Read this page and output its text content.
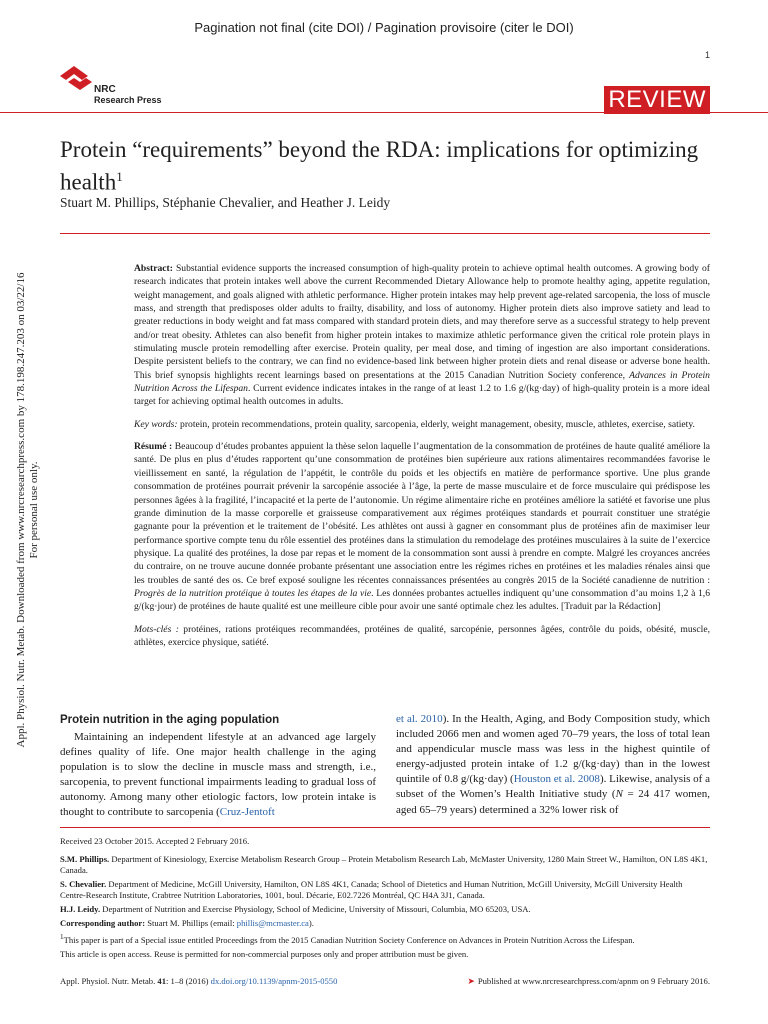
Pagination not final (cite DOI) / Pagination provisoire (citer le DOI)
1
NRC
Research Press	REVIEW
Protein “requirements” beyond the RDA: implications for optimizing health$^1$
Stuart M. Phillips, Stéphanie Chevalier, and Heather J. Leidy
Appl. Physiol. Nutr. Metab. Downloaded from www.nrcresearchpress.com by 178.198.247.203 on 03/22/16
For personal use only.

Abstract: Substantial evidence supports the increased consumption of high-quality protein to achieve optimal health outcomes. A growing body of research indicates that protein intakes well above the current Recommended Dietary Allowance help to promote healthy aging, appetite regulation, weight management, and goals aligned with athletic performance. Higher protein intakes may help prevent age-related sarcopenia, the loss of muscle mass, and strength that predisposes older adults to frailty, disability, and loss of autonomy. Higher protein diets also improve satiety and lead to greater reductions in body weight and fat mass compared with standard protein diets, and may therefore serve as a successful strategy to help prevent and/or treat obesity. Athletes can also benefit from higher protein intakes to maximize athletic performance given the critical role protein plays in stimulating muscle protein remodelling after exercise. Protein quality, per meal dose, and timing of ingestion are also important considerations. Despite persistent beliefs to the contrary, we can find no evidence-based link between higher protein diets and renal disease or adverse bone health. This brief synopsis highlights recent learnings based on presentations at the 2015 Canadian Nutrition Society conference, Advances in Protein Nutrition Across the Lifespan. Current evidence indicates intakes in the range of at least 1.2 to 1.6 g/(kg·day) of high-quality protein is a more ideal target for achieving optimal health outcomes in adults.

Key words: protein, protein recommendations, protein quality, sarcopenia, elderly, weight management, obesity, muscle, athletes, exercise, satiety.

Résumé : Beaucoup d’études probantes appuient la thèse selon laquelle l’augmentation de la consommation de protéines de haute qualité améliore la santé. De plus en plus d’études rapportent qu’une consommation de protéines bien supérieure aux rations alimentaires recommandées favorise le vieillissement en santé, la régulation de l’appétit, le contrôle du poids et les objectifs en matière de performance sportive. Une plus grande consommation de protéines pourrait prévenir la sarcopénie associée à l’âge, la perte de masse musculaire et de force musculaire qui prédispose les personnes âgées à la fragilité, l’incapacité et la perte de l’autonomie. Un régime alimentaire riche en protéines améliore la satiété et favorise une plus grande diminution de la masse corporelle et graisseuse comparativement aux régimes protéiques standards et pourrait constituer une stratégie gagnante pour la prévention et le traitement de l’obésité. Les athlètes ont aussi à gagner en consommant plus de protéines afin de maximiser leur performance sportive compte tenu du rôle essentiel des protéines dans la stimulation du remodelage des protéines musculaires à la suite de l’exercice physique. La qualité des protéines, la dose par repas et le moment de la consommation sont aussi à prendre en compte. Malgré les croyances ancrées du contraire, on ne trouve aucune donnée probante présentant une association entre les régimes riches en protéines et les maladies rénales ainsi que les troubles de santé des os. Ce bref exposé souligne les récentes connaissances présentées au congrès 2015 de la Société canadienne de nutrition : Progrès de la nutrition protéique à toutes les étapes de la vie. Les données probantes actuelles indiquent qu’une consommation d’au moins 1,2 à 1,6 g/(kg·jour) de protéines de haute qualité est une meilleure cible pour avoir une santé optimale chez les adultes. [Traduit par la Rédaction]

Mots-clés : protéines, rations protéiques recommandées, protéines de qualité, sarcopénie, personnes âgées, contrôle du poids, obésité, muscle, athlètes, exercice physique, satiété.

Protein nutrition in the aging population
Maintaining an independent lifestyle at an advanced age largely defines quality of life. One major health challenge in the aging population is to slow the decline in muscle mass and strength, i.e., sarcopenia, to prevent functional impairments leading to gradual loss of autonomy. Among many other etiologic factors, low protein intake is thought to contribute to sarcopenia (Cruz-Jentoft
et al. 2010). In the Health, Aging, and Body Composition study, which included 2066 men and women aged 70–79 years, the loss of total lean and appendicular muscle mass was less in the highest quintile of energy-adjusted protein intake of 1.2 g/(kg·day) than in the lowest quintile of 0.8 g/(kg·day) (Houston et al. 2008). Likewise, analysis of a subset of the Women’s Health Initiative study (N = 24 417 women, aged 65–79 years) determined a 32% lower risk of

Received 23 October 2015. Accepted 2 February 2016.

S.M. Phillips. Department of Kinesiology, Exercise Metabolism Research Group – Protein Metabolism Research Lab, McMaster University, 1280 Main Street W., Hamilton, ON L8S 4K1, Canada.

S. Chevalier. Department of Medicine, McGill University, Hamilton, ON L8S 4K1, Canada; School of Dietetics and Human Nutrition, McGill University, McGill University Health Centre-Research Institute, Crabtree Nutrition Laboratories, 1001, boul. Décarie, E02.7226 Montréal, QC H4A 3J1, Canada.

H.J. Leidy. Department of Nutrition and Exercise Physiology, School of Medicine, University of Missouri, Columbia, MO 65203, USA.

Corresponding author: Stuart M. Phillips (email: phillis@mcmaster.ca).

$^1$This paper is part of a Special issue entitled Proceedings from the 2015 Canadian Nutrition Society Conference on Advances in Protein Nutrition Across the Lifespan.

This article is open access. Reuse is permitted for non-commercial purposes only and proper attribution must be given.

Appl. Physiol. Nutr. Metab. 41: 1–8 (2016) dx.doi.org/10.1139/apnm-2015-0550	➤ Published at www.nrcresearchpress.com/apnm on 9 February 2016.
